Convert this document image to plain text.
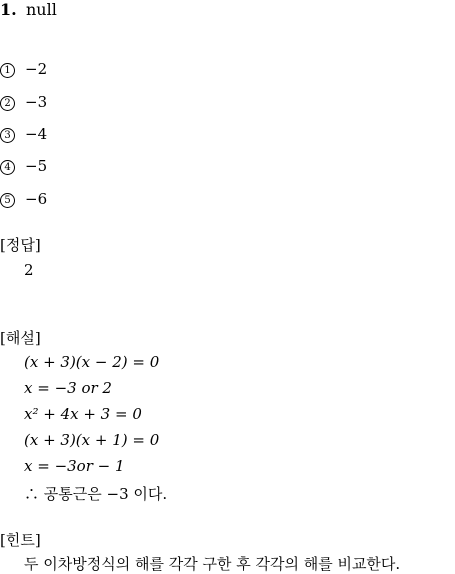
1. null
1 −2
2 −3
3 −4
4 −5
5 −6
[정답]
2
[해설]
(x + 3)(x − 2) = 0
x = −3 or 2
x² + 4x + 3 = 0
(x + 3)(x + 1) = 0
x = −3or − 1
∴ 공통근은 −3 이다.
[힌트]
두 이차방정식의 해를 각각 구한 후 각각의 해를 비교한다.
